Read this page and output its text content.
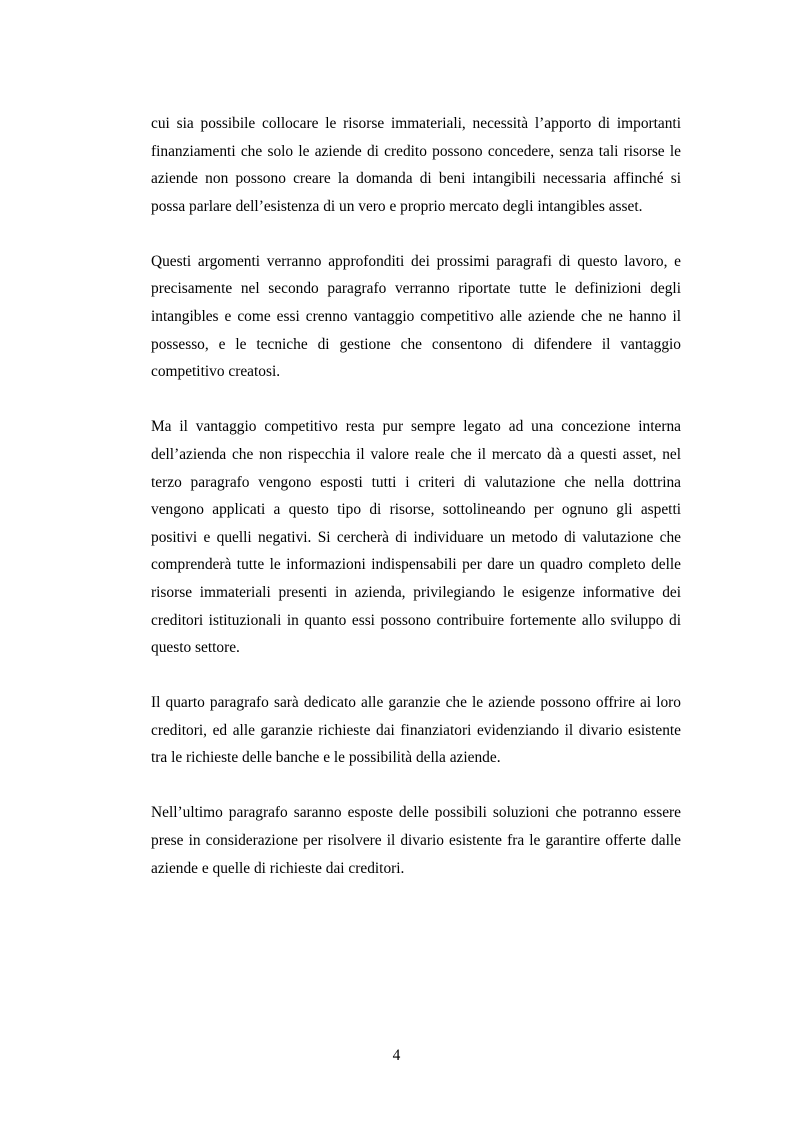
cui sia possibile collocare le risorse immateriali, necessità l’apporto di importanti finanziamenti che solo le aziende di credito possono concedere, senza tali risorse le aziende non possono creare la domanda di beni intangibili necessaria affinché si possa parlare dell’esistenza di un vero e proprio mercato degli intangibles asset.

Questi argomenti verranno approfonditi dei prossimi paragrafi di questo lavoro, e precisamente nel secondo paragrafo verranno riportate tutte le definizioni degli intangibles e come essi crenno vantaggio competitivo alle aziende che ne hanno il possesso, e le tecniche di gestione che consentono di difendere il vantaggio competitivo creatosi.

Ma il vantaggio competitivo resta pur sempre legato ad una concezione interna dell’azienda che non rispecchia il valore reale che il mercato dà a questi asset, nel terzo paragrafo vengono esposti tutti i criteri di valutazione che nella dottrina vengono applicati a questo tipo di risorse, sottolineando per ognuno gli aspetti positivi e quelli negativi. Si cercherà di individuare un metodo di valutazione che comprenderà tutte le informazioni indispensabili per dare un quadro completo delle risorse immateriali presenti in azienda, privilegiando le esigenze informative dei creditori istituzionali in quanto essi possono contribuire fortemente allo sviluppo di questo settore.

Il quarto paragrafo sarà dedicato alle garanzie che le aziende possono offrire ai loro creditori, ed alle garanzie richieste dai finanziatori evidenziando il divario esistente tra le richieste delle banche e le possibilità della aziende.

Nell’ultimo paragrafo saranno esposte delle possibili soluzioni che potranno essere prese in considerazione per risolvere il divario esistente fra le garantire offerte dalle aziende e quelle di richieste dai creditori.

4
